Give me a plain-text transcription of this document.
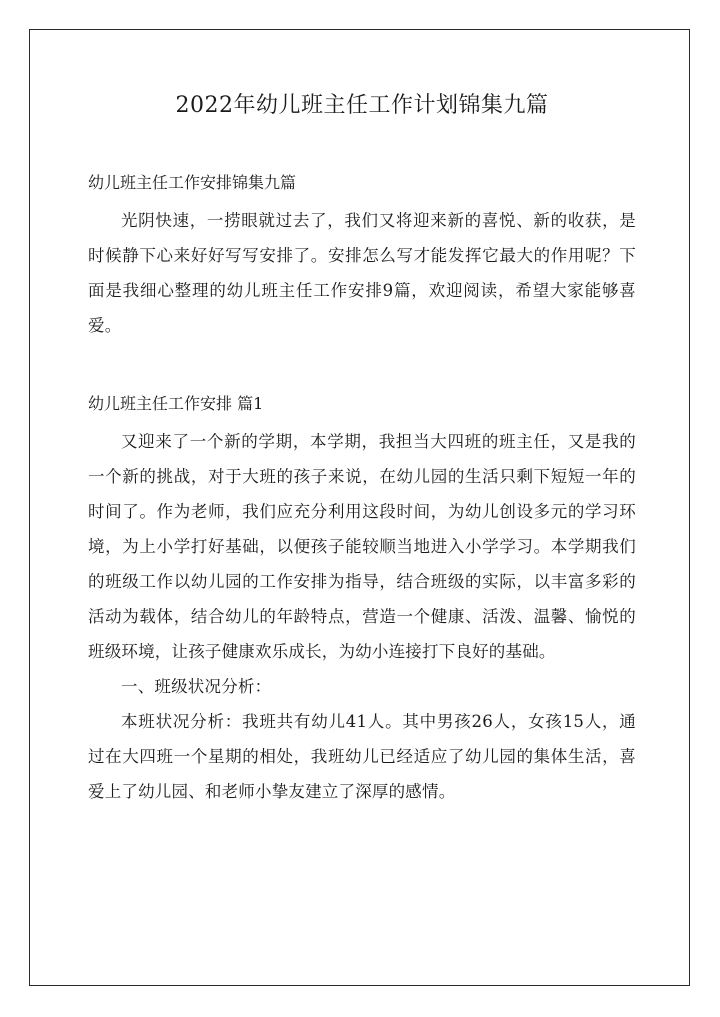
2022年幼儿班主任工作计划锦集九篇

幼儿班主任工作安排锦集九篇

光阴快速，一捞眼就过去了，我们又将迎来新的喜悦、新的收获，是时候静下心来好好写写安排了。安排怎么写才能发挥它最大的作用呢？下面是我细心整理的幼儿班主任工作安排9篇，欢迎阅读，希望大家能够喜爱。

幼儿班主任工作安排 篇1

又迎来了一个新的学期，本学期，我担当大四班的班主任，又是我的一个新的挑战，对于大班的孩子来说，在幼儿园的生活只剩下短短一年的时间了。作为老师，我们应充分利用这段时间，为幼儿创设多元的学习环境，为上小学打好基础，以便孩子能较顺当地进入小学学习。本学期我们的班级工作以幼儿园的工作安排为指导，结合班级的实际，以丰富多彩的活动为载体，结合幼儿的年龄特点，营造一个健康、活泼、温馨、愉悦的班级环境，让孩子健康欢乐成长，为幼小连接打下良好的基础。

一、班级状况分析：

本班状况分析：我班共有幼儿41人。其中男孩26人，女孩15人，通过在大四班一个星期的相处，我班幼儿已经适应了幼儿园的集体生活，喜爱上了幼儿园、和老师小挚友建立了深厚的感情。
